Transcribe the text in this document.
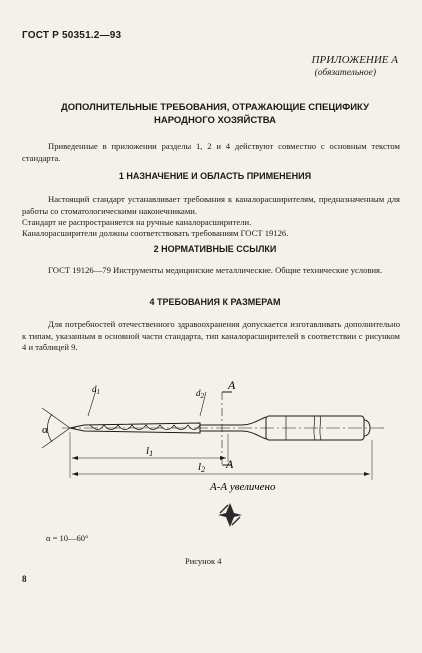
ГОСТ Р 50351.2—93
ПРИЛОЖЕНИЕ А
(обязательное)
ДОПОЛНИТЕЛЬНЫЕ ТРЕБОВАНИЯ, ОТРАЖАЮЩИЕ СПЕЦИФИКУ
НАРОДНОГО ХОЗЯЙСТВА
Приведенные в приложении разделы 1, 2 и 4 действуют совместно с основным текстом стандарта.
1 НАЗНАЧЕНИЕ И ОБЛАСТЬ ПРИМЕНЕНИЯ
Настоящий стандарт устанавливает требования к каналорасширителям, предназначенным для работы со стоматологическими наконечниками.
Стандарт не распространяется на ручные каналорасширители.
Каналорасширители должны соответствовать требованиям ГОСТ 19126.
2 НОРМАТИВНЫЕ ССЫЛКИ
ГОСТ 19126—79 Инструменты медицинские металлические. Общие технические условия.
4 ТРЕБОВАНИЯ К РАЗМЕРАМ
Для потребностей отечественного здравоохранения допускается изготавливать дополнительно к типам, указанным в основной части стандарта, тип каналорасширителей в соответствии с рисунком 4 и таблицей 9.
$d_1$	$d_2$
α
l1
l2
A
A
А-А увеличено
α = 10—60°
Рисунок 4
8
